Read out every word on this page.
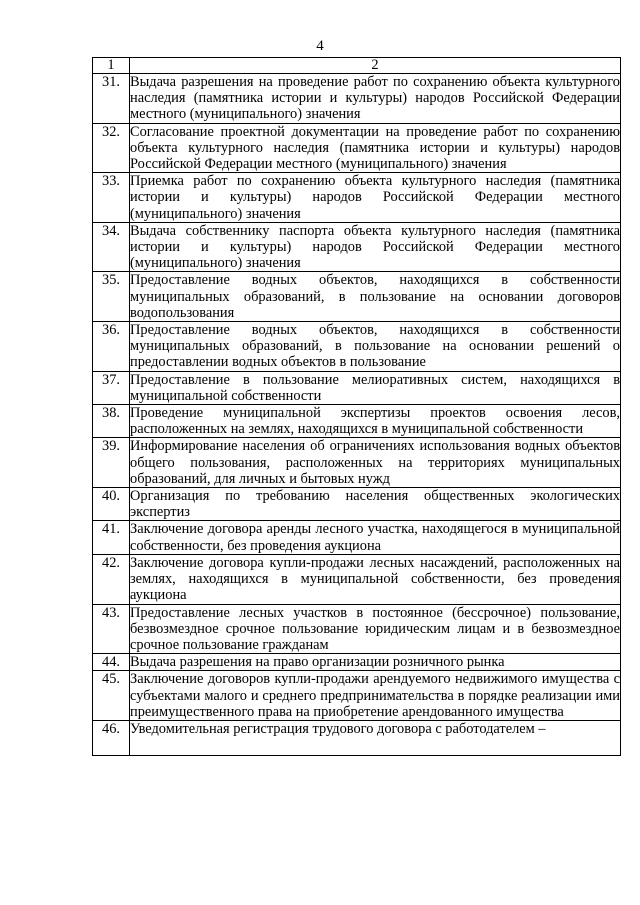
4
1	2
31.	Выдача разрешения на проведение работ по сохранению объекта культурного наследия (памятника истории и культуры) народов Российской Федерации местного (муниципального) значения
32.	Согласование проектной документации на проведение работ по сохранению объекта культурного наследия (памятника истории и культуры) народов Российской Федерации местного (муниципального) значения
33.	Приемка работ по сохранению объекта культурного наследия (памятника истории и культуры) народов Российской Федерации местного (муниципального) значения
34.	Выдача собственнику паспорта объекта культурного наследия (памятника истории и культуры) народов Российской Федерации местного (муниципального) значения
35.	Предоставление водных объектов, находящихся в собственности муниципальных образований, в пользование на основании договоров водопользования
36.	Предоставление водных объектов, находящихся в собственности муниципальных образований, в пользование на основании решений о предоставлении водных объектов в пользование
37.	Предоставление в пользование мелиоративных систем, находящихся в муниципальной собственности
38.	Проведение муниципальной экспертизы проектов освоения лесов, расположенных на землях, находящихся в муниципальной собственности
39.	Информирование населения об ограничениях использования водных объектов общего пользования, расположенных на территориях муниципальных образований, для личных и бытовых нужд
40.	Организация по требованию населения общественных экологических экспертиз
41.	Заключение договора аренды лесного участка, находящегося в муниципальной собственности, без проведения аукциона
42.	Заключение договора купли-продажи лесных насаждений, расположенных на землях, находящихся в муниципальной собственности, без проведения аукциона
43.	Предоставление лесных участков в постоянное (бессрочное) пользование, безвозмездное срочное пользование юридическим лицам и в безвозмездное срочное пользование гражданам
44.	Выдача разрешения на право организации розничного рынка
45.	Заключение договоров купли-продажи арендуемого недвижимого имущества с субъектами малого и среднего предпринимательства в порядке реализации ими преимущественного права на приобретение арендованного имущества
46.	Уведомительная регистрация трудового договора с работодателем –
